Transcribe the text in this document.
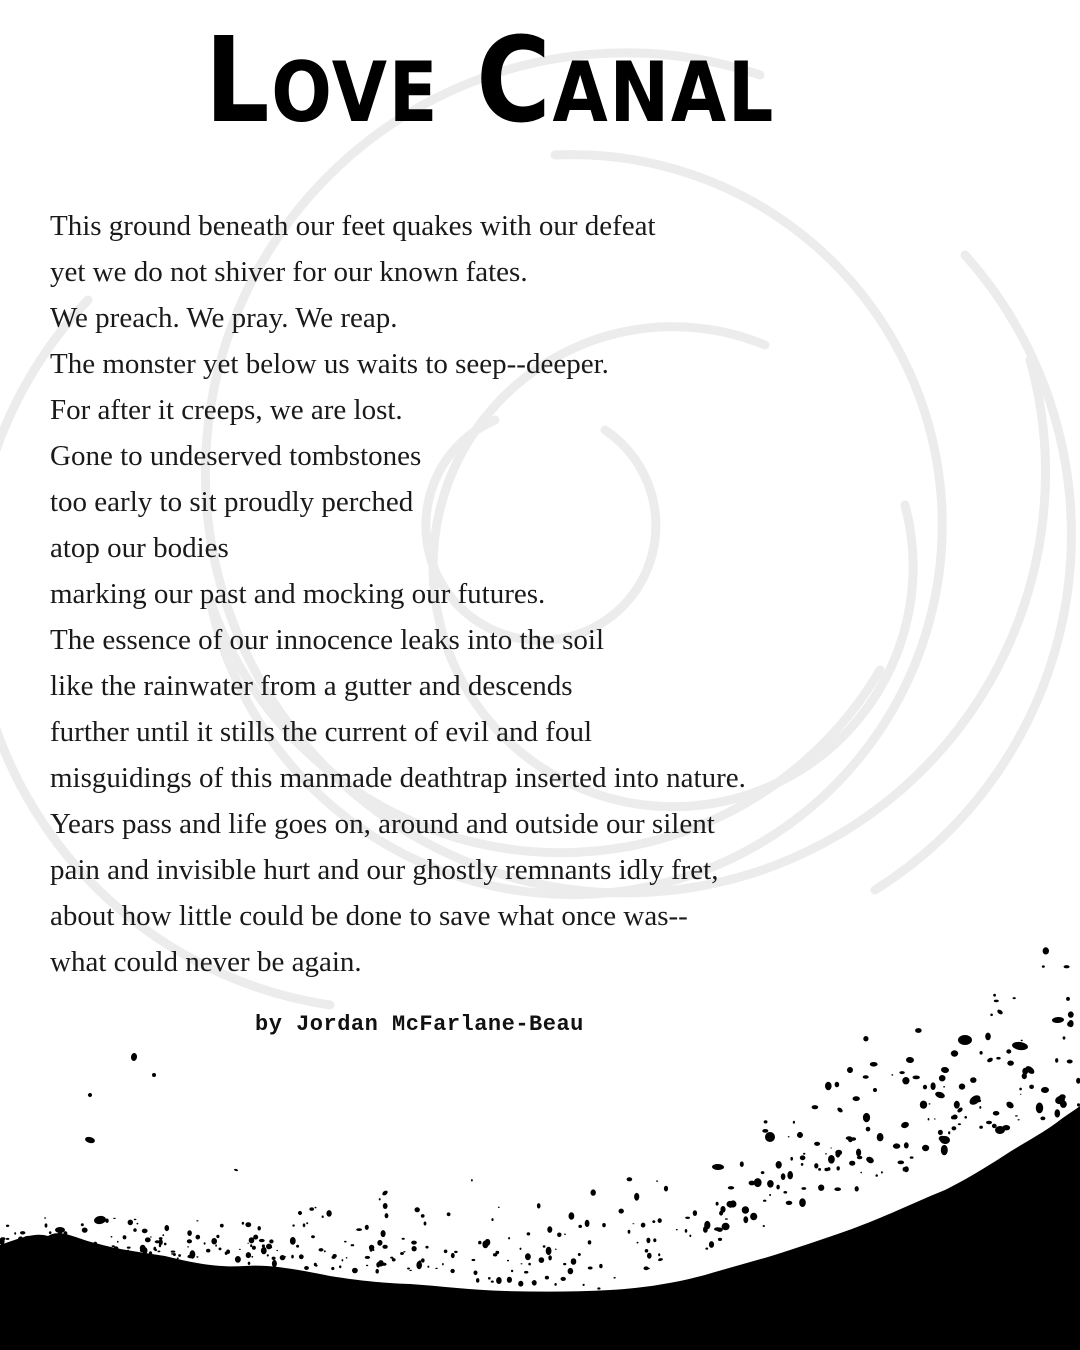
Love Canal
This ground beneath our feet quakes with our defeat
yet we do not shiver for our known fates.
We preach. We pray. We reap.
The monster yet below us waits to seep--deeper.
For after it creeps, we are lost.
Gone to undeserved tombstones
too early to sit proudly perched
atop our bodies
marking our past and mocking our futures.
The essence of our innocence leaks into the soil
like the rainwater from a gutter and descends
further until it stills the current of evil and foul
misguidings of this manmade deathtrap inserted into nature.
Years pass and life goes on, around and outside our silent
pain and invisible hurt and our ghostly remnants idly fret,
about how little could be done to save what once was--
what could never be again.
by Jordan McFarlane-Beau
